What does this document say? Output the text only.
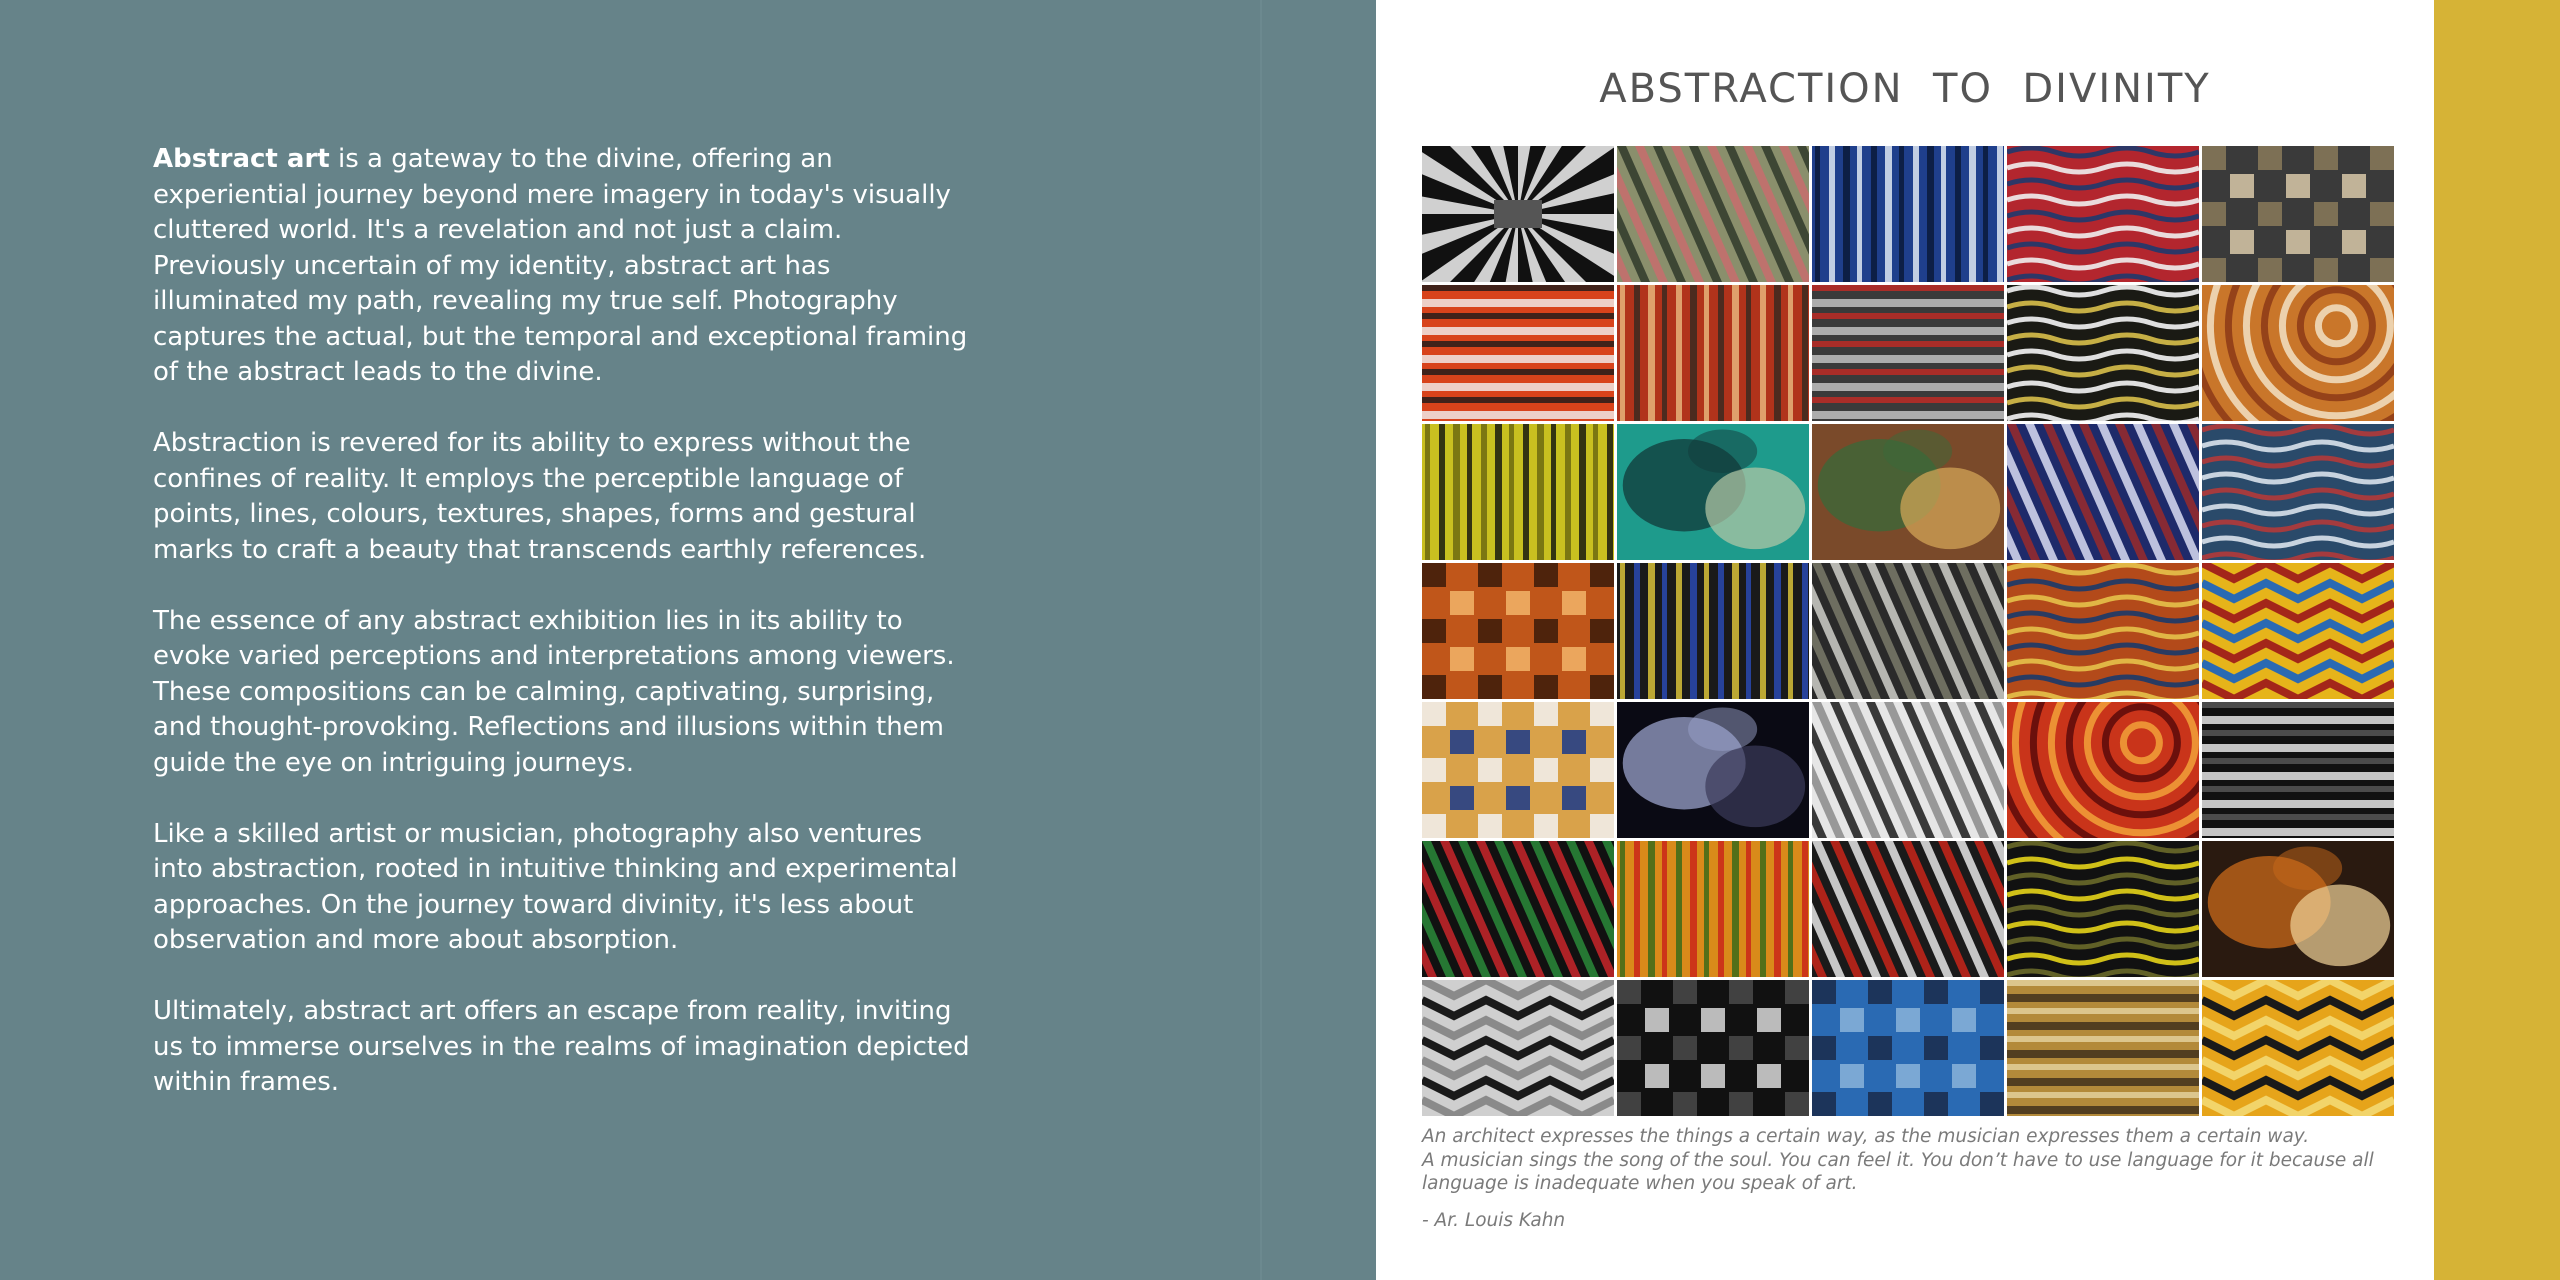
Abstract art is a gateway to the divine, offering an experiential journey beyond mere imagery in today's visually cluttered world. It's a revelation and not just a claim. Previously uncertain of my identity, abstract art has illuminated my path, revealing my true self. Photography captures the actual, but the temporal and exceptional framing of the abstract leads to the divine.

Abstraction is revered for its ability to express without the confines of reality. It employs the perceptible language of points, lines, colours, textures, shapes, forms and gestural marks to craft a beauty that transcends earthly references.

The essence of any abstract exhibition lies in its ability to evoke varied perceptions and interpretations among viewers. These compositions can be calming, captivating, surprising, and thought-provoking. Reflections and illusions within them guide the eye on intriguing journeys.

Like a skilled artist or musician, photography also ventures into abstraction, rooted in intuitive thinking and experimental approaches. On the journey toward divinity, it's less about observation and more about absorption.

Ultimately, abstract art offers an escape from reality, inviting us to immerse ourselves in the realms of imagination depicted within frames.

ABSTRACTION  TO  DIVINITY

An architect expresses the things a certain way, as the musician expresses them a certain way.

A musician sings the song of the soul. You can feel it. You don’t have to use language for it because all language is inadequate when you speak of art.

- Ar. Louis Kahn
